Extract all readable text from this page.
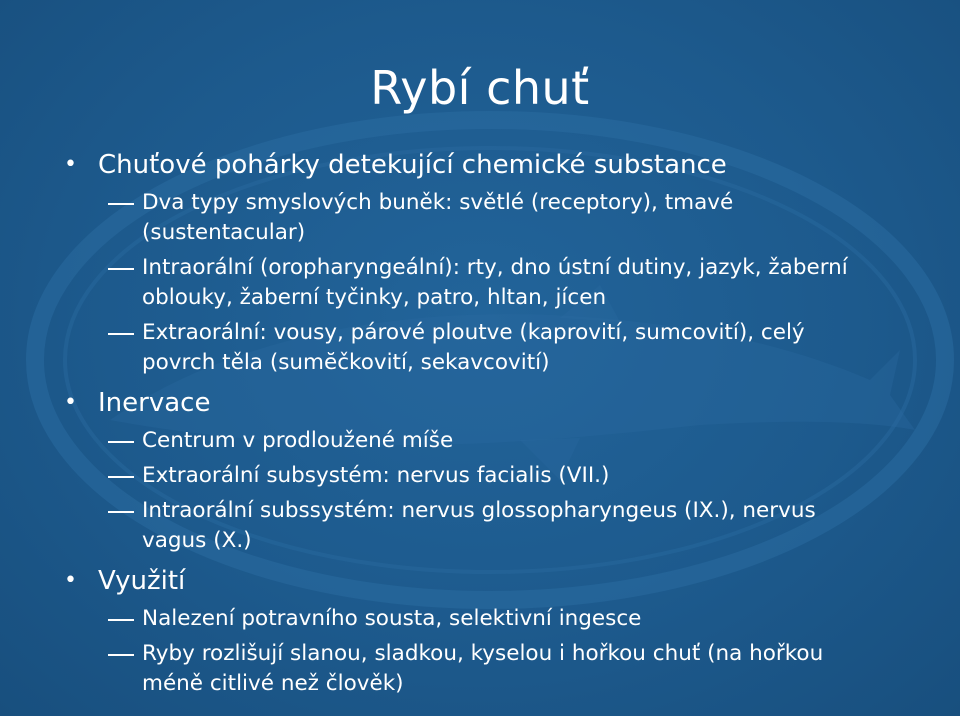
Rybí chuť
• Chuťové pohárky detekující chemické substance
Dva typy smyslových buněk: světlé (receptory), tmavé (sustentacular)
Intraorální (oropharyngeální): rty, dno ústní dutiny, jazyk, žaberní oblouky, žaberní tyčinky, patro, hltan, jícen
Extraorální: vousy, párové ploutve (kaprovití, sumcovití), celý povrch těla (sumĕčkovití, sekavcovití)
• Inervace
Centrum v prodloužené míše
Extraorální subsystém: nervus facialis (VII.)
Intraorální subssystém: nervus glossopharyngeus (IX.), nervus vagus (X.)
• Využití
Nalezení potravního sousta, selektivní ingesce
Ryby rozlišují slanou, sladkou, kyselou i hořkou chuť (na hořkou méně citlivé než člověk)
